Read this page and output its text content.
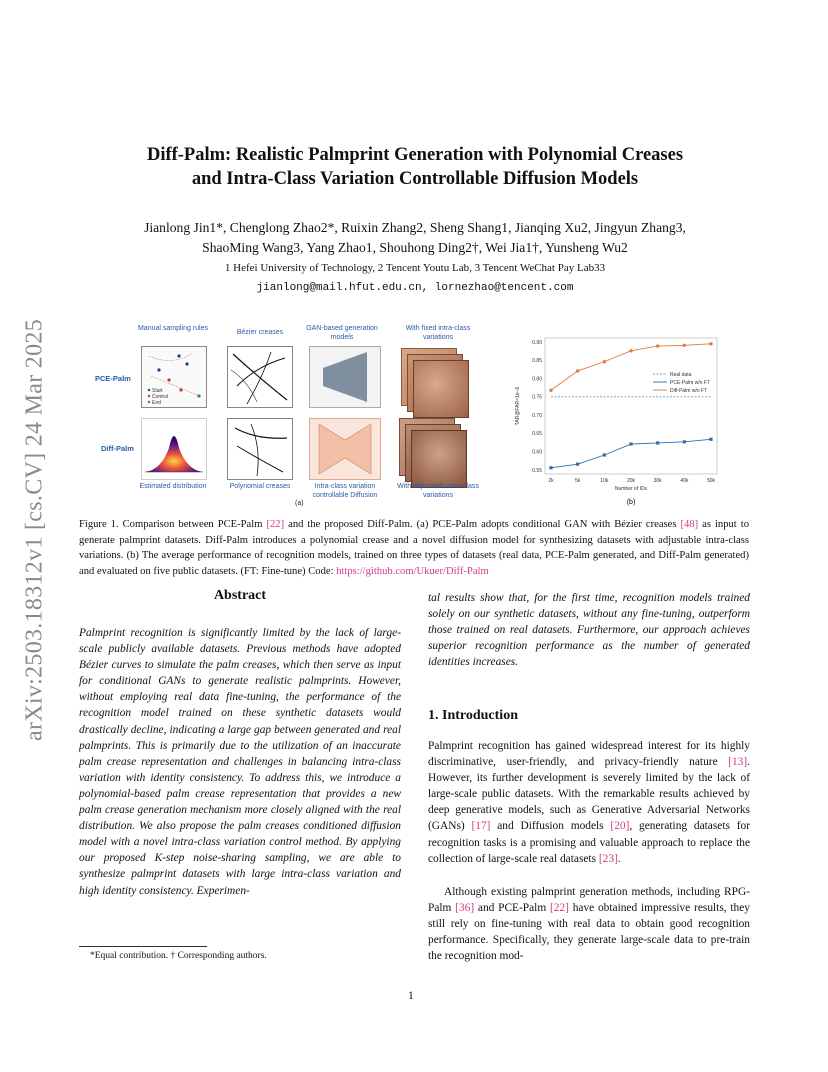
arXiv:2503.18312v1 [cs.CV] 24 Mar 2025
Diff-Palm: Realistic Palmprint Generation with Polynomial Creases
and Intra-Class Variation Controllable Diffusion Models
Jianlong Jin1*, Chenglong Zhao2*, Ruixin Zhang2, Sheng Shang1, Jianqing Xu2, Jingyun Zhang3,
ShaoMing Wang3, Yang Zhao1, Shouhong Ding2†, Wei Jia1†, Yunsheng Wu2
1 Hefei University of Technology, 2 Tencent Youtu Lab, 3 Tencent WeChat Pay Lab33
jianlong@mail.hfut.edu.cn, lornezhao@tencent.com
Manual sampling rules
Bézier creases
GAN-based generation models
With fixed intra-class variations
PCE-Palm
Diff-Palm
Start
Control
End
Estimated distribution	Polynomial creases	Intra-class variation controllable Diffusion
With adjustable intra-class variations
(a)
TAR@FAR=1e−6
Number of IDs
(b)
0.55
0.60
0.65
0.70
0.75
0.80
0.85
0.90
2k	5k	10k	20k	30k	40k	50k
Real data
PCE-Palm w/o FT
Diff-Palm w/o FT
Figure 1. Comparison between PCE-Palm [22] and the proposed Diff-Palm. (a) PCE-Palm adopts conditional GAN with Bézier creases [48] as input to generate palmprint datasets. Diff-Palm introduces a polynomial crease and a novel diffusion model for synthesizing datasets with adjustable intra-class variations. (b) The average performance of recognition models, trained on three types of datasets (real data, PCE-Palm generated, and Diff-Palm generated) and evaluated on five public datasets. (FT: Fine-tune) Code: https://github.com/Ukuer/Diff-Palm
Abstract
Palmprint recognition is significantly limited by the lack of large-scale publicly available datasets. Previous methods have adopted Bézier curves to simulate the palm creases, which then serve as input for conditional GANs to generate realistic palmprints. However, without employing real data fine-tuning, the performance of the recognition model trained on these synthetic datasets would drastically decline, indicating a large gap between generated and real palmprints. This is primarily due to the utilization of an inaccurate palm crease representation and challenges in balancing intra-class variation with identity consistency. To address this, we introduce a polynomial-based palm crease representation that provides a new palm crease generation mechanism more closely aligned with the real distribution. We also propose the palm creases conditioned diffusion model with a novel intra-class variation control method. By applying our proposed K-step noise-sharing sampling, we are able to synthesize palmprint datasets with large intra-class variation and high identity consistency. Experimen-
*Equal contribution. † Corresponding authors.
tal results show that, for the first time, recognition models trained solely on our synthetic datasets, without any fine-tuning, outperform those trained on real datasets. Furthermore, our approach achieves superior recognition performance as the number of generated identities increases.
1. Introduction
Palmprint recognition has gained widespread interest for its highly discriminative, user-friendly, and privacy-friendly nature [13]. However, its further development is severely limited by the lack of large-scale public datasets. With the remarkable results achieved by deep generative models, such as Generative Adversarial Networks (GANs) [17] and Diffusion models [20], generating datasets for recognition tasks is a promising and valuable approach to replace the collection of large-scale real datasets [23].
Although existing palmprint generation methods, including RPG-Palm [36] and PCE-Palm [22] have obtained impressive results, they still rely on fine-tuning with real data to obtain good recognition performance. Specifically, they generate large-scale data to pre-train the recognition mod-
1
